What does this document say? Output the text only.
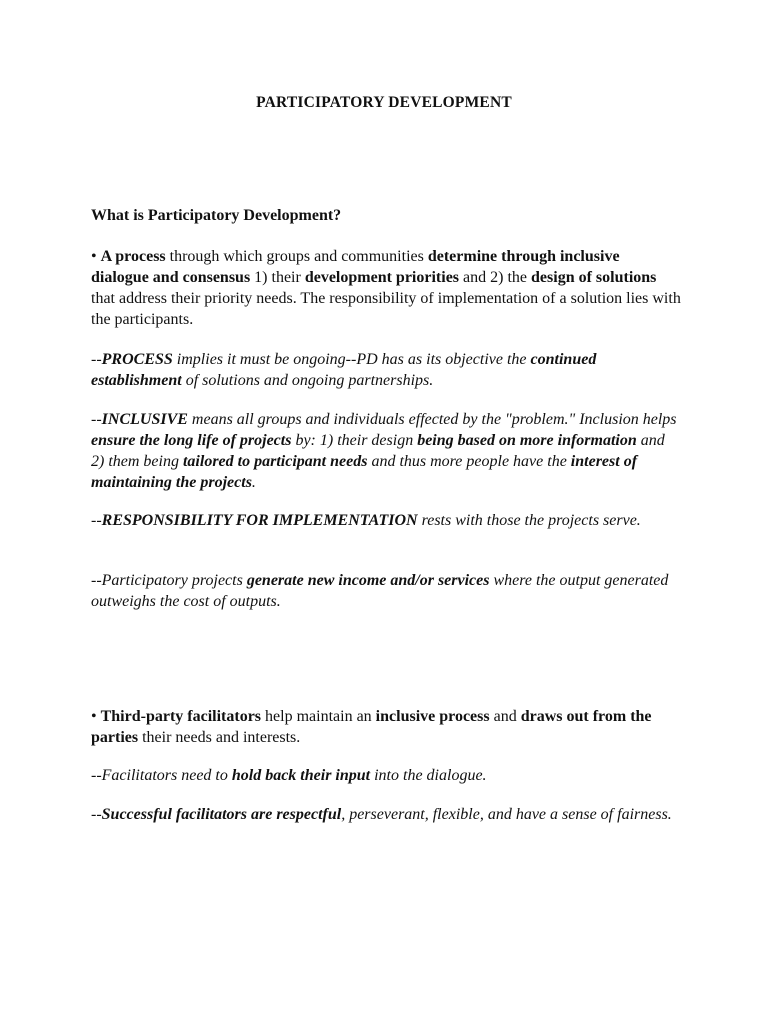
PARTICIPATORY DEVELOPMENT
What is Participatory Development?
• A process through which groups and communities determine through inclusive dialogue and consensus 1) their development priorities and 2) the design of solutions that address their priority needs. The responsibility of implementation of a solution lies with the participants.
--PROCESS implies it must be ongoing--PD has as its objective the continued establishment of solutions and ongoing partnerships.
--INCLUSIVE means all groups and individuals effected by the "problem." Inclusion helps ensure the long life of projects by: 1) their design being based on more information and 2) them being tailored to participant needs and thus more people have the interest of maintaining the projects.
--RESPONSIBILITY FOR IMPLEMENTATION rests with those the projects serve.
--Participatory projects generate new income and/or services where the output generated outweighs the cost of outputs.
• Third-party facilitators help maintain an inclusive process and draws out from the parties their needs and interests.
--Facilitators need to hold back their input into the dialogue.
--Successful facilitators are respectful, perseverant, flexible, and have a sense of fairness.
